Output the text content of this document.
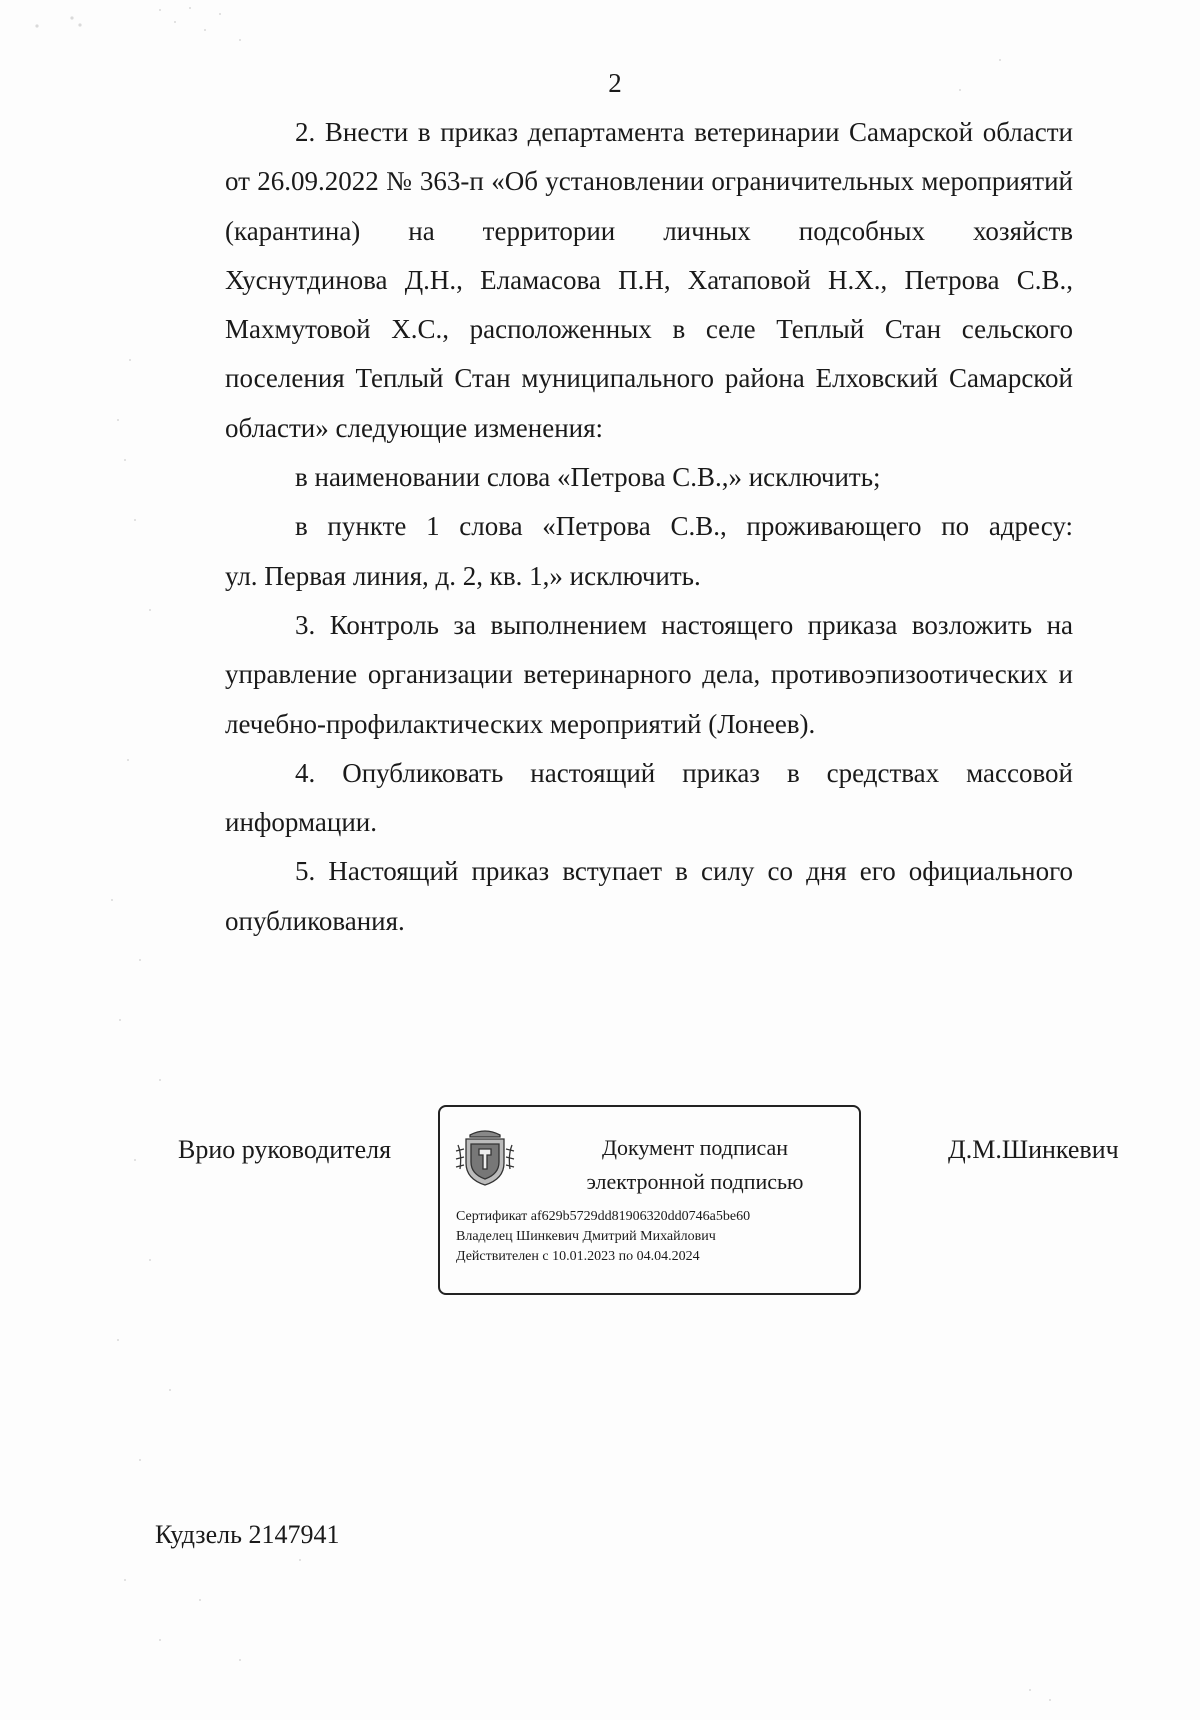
2
2. Внести в приказ департамента ветеринарии Самарской области
от 26.09.2022 № 363-п «Об установлении ограничительных мероприятий
(карантина) на территории личных подсобных хозяйств
Хуснутдинова Д.Н., Еламасова П.Н, Хатаповой Н.Х., Петрова С.В.,
Махмутовой Х.С., расположенных в селе Теплый Стан сельского
поселения Теплый Стан муниципального района Елховский Самарской
области» следующие изменения:
в наименовании слова «Петрова С.В.,» исключить;
в пункте 1 слова «Петрова С.В., проживающего по адресу:
ул. Первая линия, д. 2, кв. 1,» исключить.
3. Контроль за выполнением настоящего приказа возложить на
управление организации ветеринарного дела, противоэпизоотических и
лечебно-профилактических мероприятий (Лонеев).
4. Опубликовать настоящий приказ в средствах массовой
информации.
5. Настоящий приказ вступает в силу со дня его официального
опубликования.
Врио руководителя	Документ подписан
электронной подписью
Сертификат af629b5729dd81906320dd0746a5be60
Владелец Шинкевич Дмитрий Михайлович
Действителен с 10.01.2023 по 04.04.2024
Д.М.Шинкевич
Кудзель 2147941
